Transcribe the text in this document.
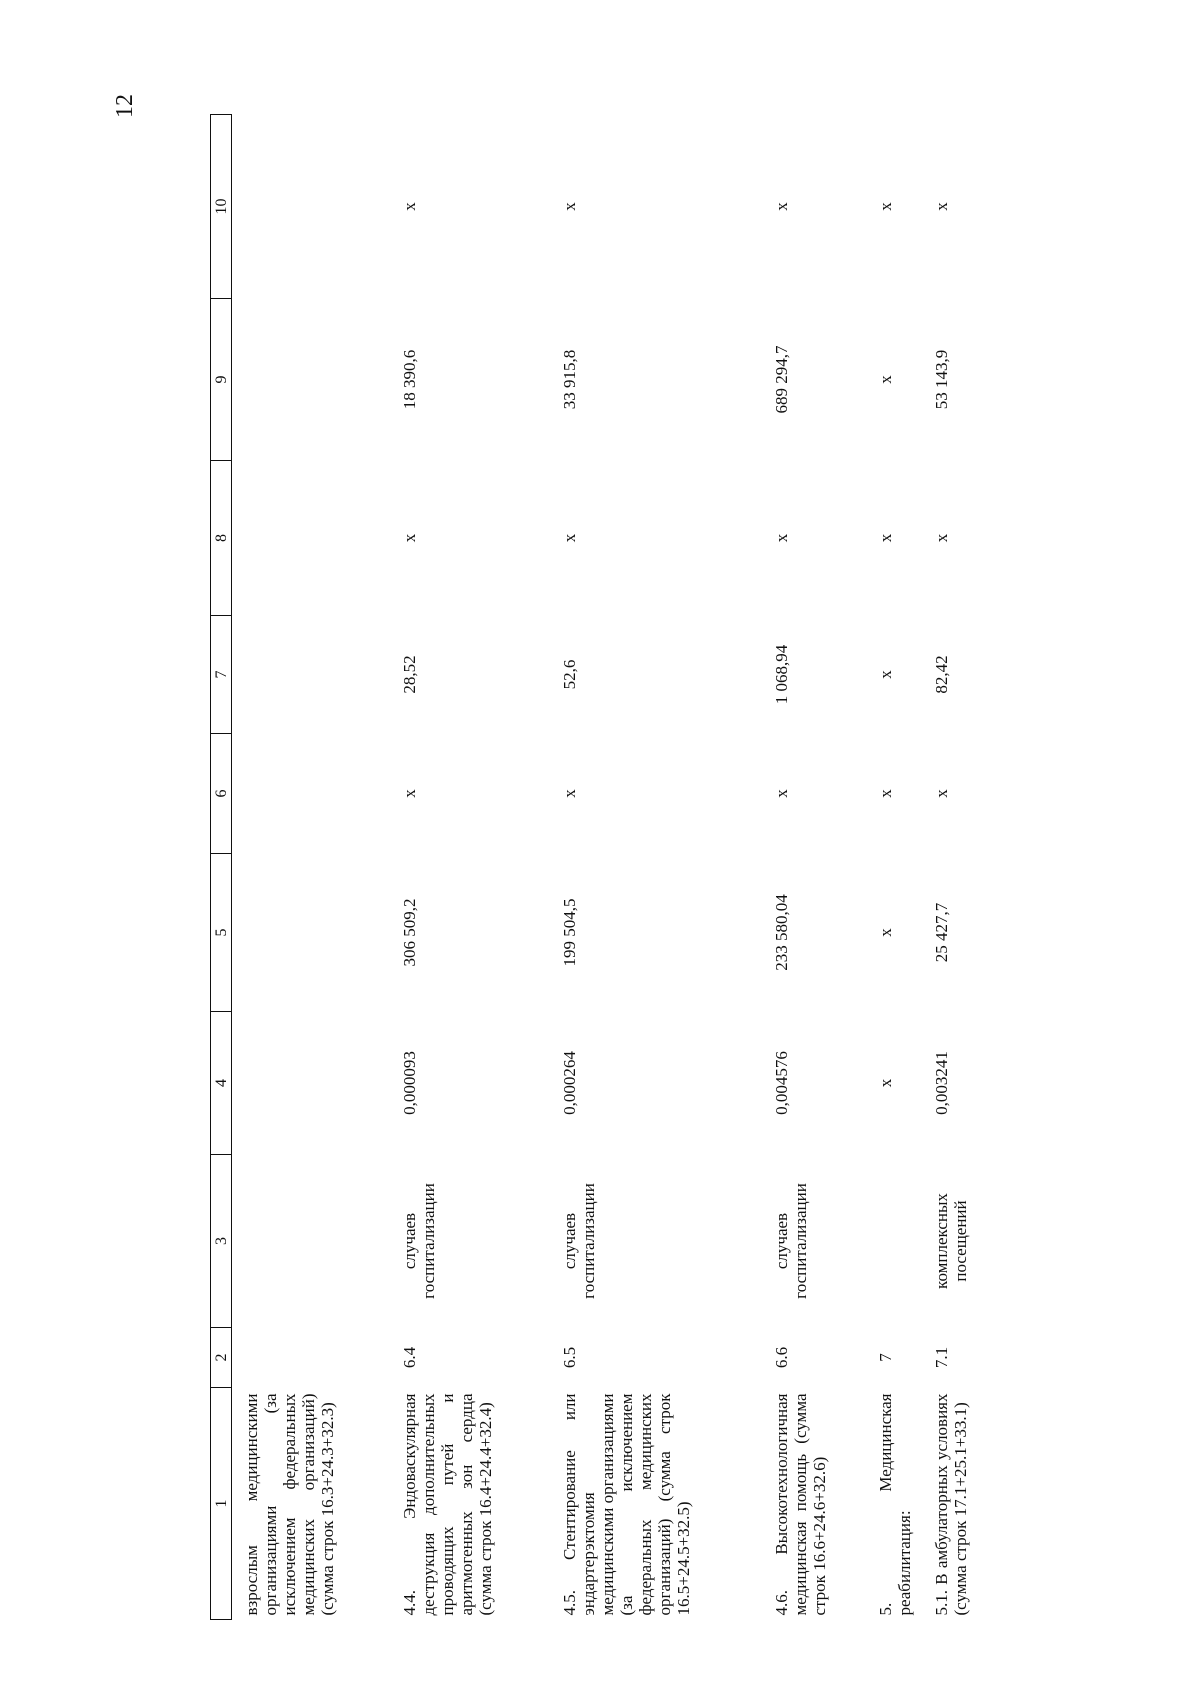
12
1	2	3	4	5	6	7	8	9	10
взрослым медицинскими организациями (за исключением федеральных медицинских организаций) (сумма строк 16.3+24.3+32.3)									
4.4. Эндоваскулярная деструкция дополнительных проводящих путей и аритмогенных зон сердца (сумма строк 16.4+24.4+32.4)	6.4	случаев госпитализации	0,000093	306 509,2	x	28,52	x	18 390,6	x
4.5. Стентирование или эндартерэктомия медицинскими организациями (за исключением федеральных медицинских организаций) (сумма строк 16.5+24.5+32.5)	6.5	случаев госпитализации	0,000264	199 504,5	x	52,6	x	33 915,8	x
4.6. Высокотехнологичная медицинская помощь (сумма строк 16.6+24.6+32.6)	6.6	случаев госпитализации	0,004576	233 580,04	x	1 068,94	x	689 294,7	x
5. Медицинская реабилитация:	7		x	x	x	x	x	x	x
5.1. В амбулаторных условиях (сумма строк 17.1+25.1+33.1)	7.1	комплексных посещений	0,003241	25 427,7	x	82,42	x	53 143,9	x
